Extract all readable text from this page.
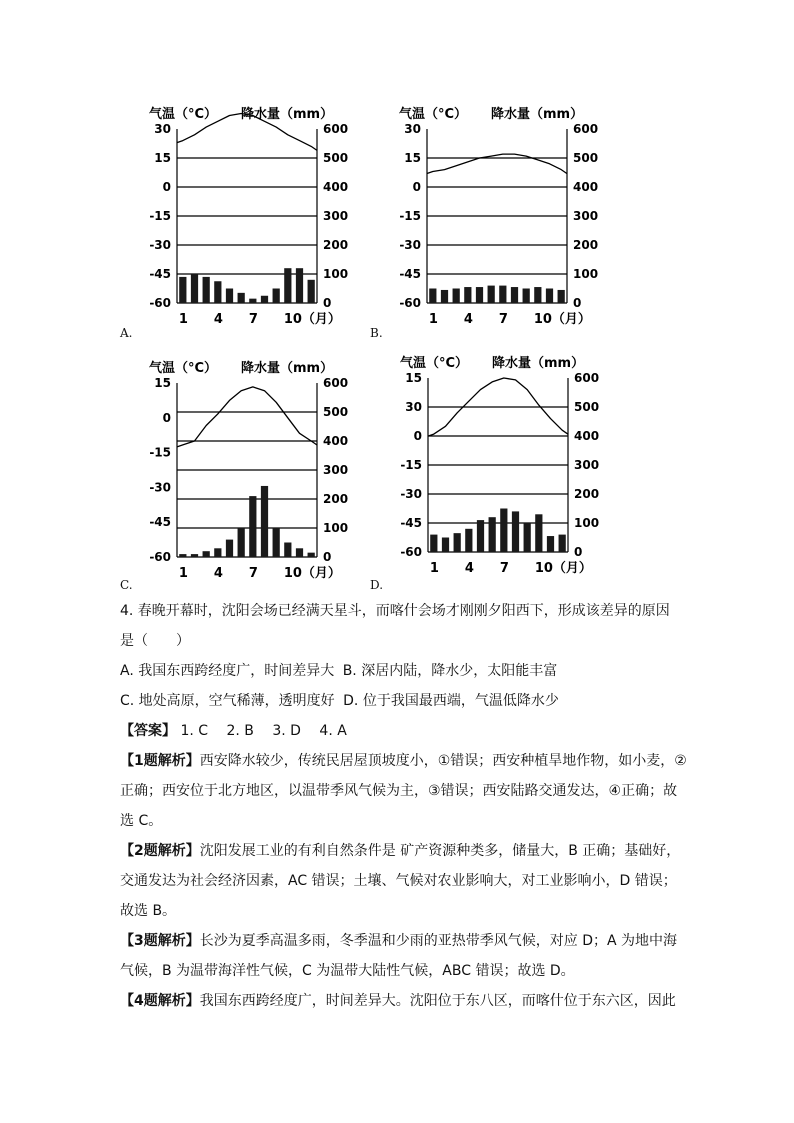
气温（°C） 降水量（mm）
30
15
0
-15
-30
-45
-60
600
500
400
300
200
100
0
1 4 7 10（月）
A.
气温（°C） 降水量（mm）
30
15
0
-15
-30
-45
-60
600
500
400
300
200
100
0
1 4 7 10（月）
B.
气温（°C） 降水量（mm）
15
0
-15
-30
-45
-60
600
500
400
300
200
100
0
1 4 7 10（月）
C.
气温（°C） 降水量（mm）
15
30
0
-15
-30
-45
-60
600
500
400
300
200
100
0
1 4 7 10（月）
D.
4. 春晚开幕时，沈阳会场已经满天星斗，而喀什会场才刚刚夕阳西下，形成该差异的原因
是（　　）
A. 我国东西跨经度广，时间差异大 B. 深居内陆，降水少，太阳能丰富
C. 地处高原，空气稀薄，透明度好 D. 位于我国最西端，气温低降水少
【答案】 1. C 2. B 3. D 4. A
【1题解析】西安降水较少，传统民居屋顶坡度小，①错误；西安种植旱地作物，如小麦，②
正确；西安位于北方地区，以温带季风气候为主，③错误；西安陆路交通发达，④正确；故
选 C。
【2题解析】沈阳发展工业的有利自然条件是 矿产资源种类多，储量大，B 正确；基础好，
交通发达为社会经济因素，AC 错误；土壤、气候对农业影响大，对工业影响小，D 错误；
故选 B。
【3题解析】长沙为夏季高温多雨，冬季温和少雨的亚热带季风气候，对应 D；A 为地中海
气候，B 为温带海洋性气候，C 为温带大陆性气候，ABC 错误；故选 D。
【4题解析】我国东西跨经度广，时间差异大。沈阳位于东八区，而喀什位于东六区，因此
